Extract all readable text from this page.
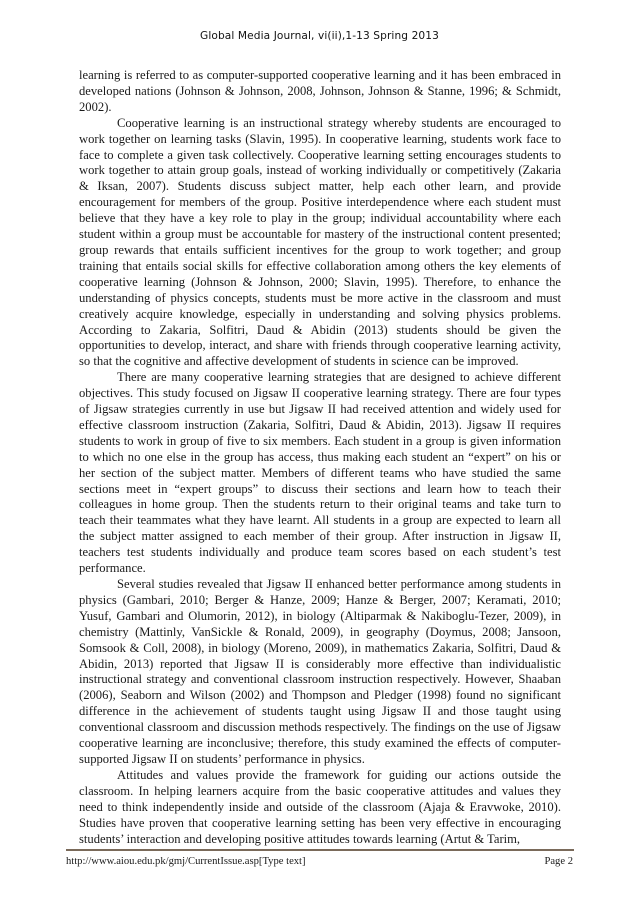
Global Media Journal, vi(ii),1-13 Spring 2013

learning is referred to as computer-supported cooperative learning and it has been embraced in developed nations (Johnson & Johnson, 2008, Johnson, Johnson & Stanne, 1996; & Schmidt, 2002).

Cooperative learning is an instructional strategy whereby students are encouraged to work together on learning tasks (Slavin, 1995). In cooperative learning, students work face to face to complete a given task collectively. Cooperative learning setting encourages students to work together to attain group goals, instead of working individually or competitively (Zakaria & Iksan, 2007). Students discuss subject matter, help each other learn, and provide encouragement for members of the group. Positive interdependence where each student must believe that they have a key role to play in the group; individual accountability where each student within a group must be accountable for mastery of the instructional content presented; group rewards that entails sufficient incentives for the group to work together; and group training that entails social skills for effective collaboration among others the key elements of cooperative learning (Johnson & Johnson, 2000; Slavin, 1995). Therefore, to enhance the understanding of physics concepts, students must be more active in the classroom and must creatively acquire knowledge, especially in understanding and solving physics problems. According to Zakaria, Solfitri, Daud & Abidin (2013) students should be given the opportunities to develop, interact, and share with friends through cooperative learning activity, so that the cognitive and affective development of students in science can be improved.

There are many cooperative learning strategies that are designed to achieve different objectives. This study focused on Jigsaw II cooperative learning strategy. There are four types of Jigsaw strategies currently in use but Jigsaw II had received attention and widely used for effective classroom instruction (Zakaria, Solfitri, Daud & Abidin, 2013). Jigsaw II requires students to work in group of five to six members. Each student in a group is given information to which no one else in the group has access, thus making each student an “expert” on his or her section of the subject matter. Members of different teams who have studied the same sections meet in “expert groups” to discuss their sections and learn how to teach their colleagues in home group. Then the students return to their original teams and take turn to teach their teammates what they have learnt. All students in a group are expected to learn all the subject matter assigned to each member of their group. After instruction in Jigsaw II, teachers test students individually and produce team scores based on each student’s test performance.

Several studies revealed that Jigsaw II enhanced better performance among students in physics (Gambari, 2010; Berger & Hanze, 2009; Hanze & Berger, 2007; Keramati, 2010; Yusuf, Gambari and Olumorin, 2012), in biology (Altiparmak & Nakiboglu-Tezer, 2009), in chemistry (Mattinly, VanSickle & Ronald, 2009), in geography (Doymus, 2008; Jansoon, Somsook & Coll, 2008), in biology (Moreno, 2009), in mathematics Zakaria, Solfitri, Daud & Abidin, 2013) reported that Jigsaw II is considerably more effective than individualistic instructional strategy and conventional classroom instruction respectively. However, Shaaban (2006), Seaborn and Wilson (2002) and Thompson and Pledger (1998) found no significant difference in the achievement of students taught using Jigsaw II and those taught using conventional classroom and discussion methods respectively. The findings on the use of Jigsaw cooperative learning are inconclusive; therefore, this study examined the effects of computer-supported Jigsaw II on students’ performance in physics.

Attitudes and values provide the framework for guiding our actions outside the classroom. In helping learners acquire from the basic cooperative attitudes and values they need to think independently inside and outside of the classroom (Ajaja & Eravwoke, 2010). Studies have proven that cooperative learning setting has been very effective in encouraging students’ interaction and developing positive attitudes towards learning (Artut & Tarim,

http://www.aiou.edu.pk/gmj/CurrentIssue.asp[Type text]	Page 2
